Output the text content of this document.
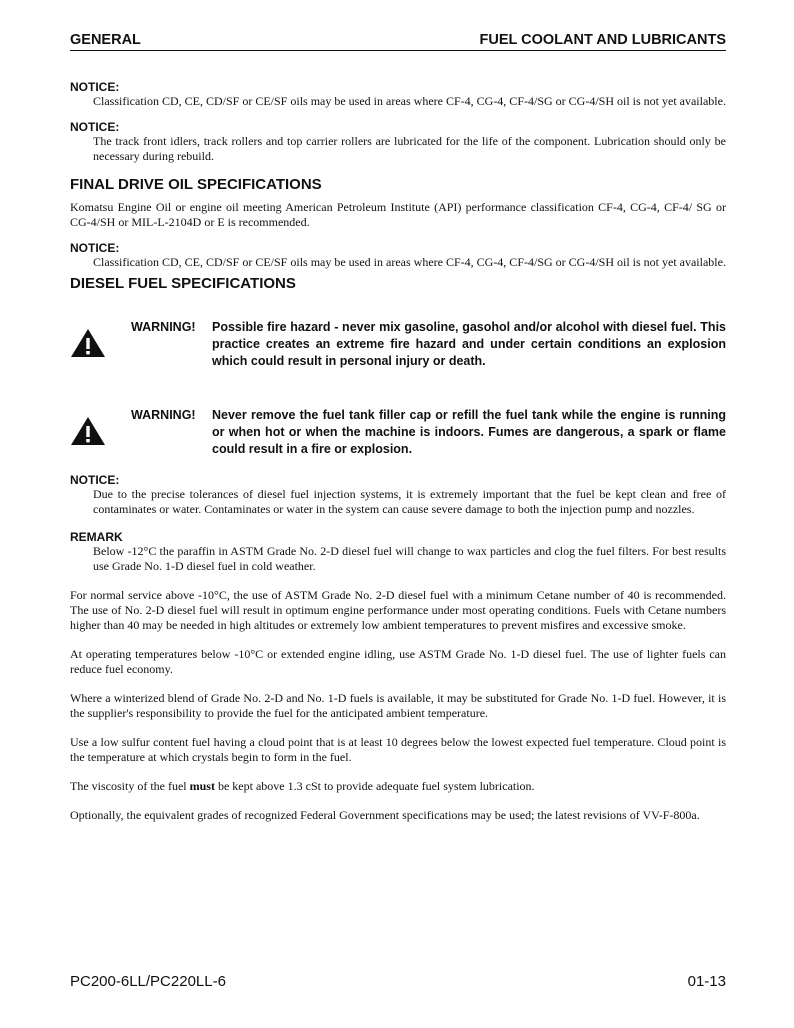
GENERAL	FUEL COOLANT AND LUBRICANTS

NOTICE:

Classification CD, CE, CD/SF or CE/SF oils may be used in areas where CF-4, CG-4, CF-4/SG or CG-4/SH oil is not yet available.

NOTICE:

The track front idlers, track rollers and top carrier rollers are lubricated for the life of the component. Lubrication should only be necessary during rebuild.

FINAL DRIVE OIL SPECIFICATIONS

Komatsu Engine Oil or engine oil meeting American Petroleum Institute (API) performance classification CF-4, CG-4, CF-4/ SG or CG-4/SH or MIL-L-2104D or E is recommended.

NOTICE:

Classification CD, CE, CD/SF or CE/SF oils may be used in areas where CF-4, CG-4, CF-4/SG or CG-4/SH oil is not yet available.

DIESEL FUEL SPECIFICATIONS
WARNING! Possible fire hazard - never mix gasoline, gasohol and/or alcohol with diesel fuel. This practice creates an extreme fire hazard and under certain conditions an explosion which could result in personal injury or death.
WARNING! Never remove the fuel tank filler cap or refill the fuel tank while the engine is running or when hot or when the machine is indoors. Fumes are dangerous, a spark or flame could result in a fire or explosion.

NOTICE:

Due to the precise tolerances of diesel fuel injection systems, it is extremely important that the fuel be kept clean and free of contaminates or water. Contaminates or water in the system can cause severe damage to both the injection pump and nozzles.

REMARK

Below -12°C the paraffin in ASTM Grade No. 2-D diesel fuel will change to wax particles and clog the fuel filters. For best results use Grade No. 1-D diesel fuel in cold weather.

For normal service above -10°C, the use of ASTM Grade No. 2-D diesel fuel with a minimum Cetane number of 40 is recommended. The use of No. 2-D diesel fuel will result in optimum engine performance under most operating conditions. Fuels with Cetane numbers higher than 40 may be needed in high altitudes or extremely low ambient temperatures to prevent misfires and excessive smoke.

At operating temperatures below -10°C or extended engine idling, use ASTM Grade No. 1-D diesel fuel. The use of lighter fuels can reduce fuel economy.

Where a winterized blend of Grade No. 2-D and No. 1-D fuels is available, it may be substituted for Grade No. 1-D fuel. However, it is the supplier's responsibility to provide the fuel for the anticipated ambient temperature.

Use a low sulfur content fuel having a cloud point that is at least 10 degrees below the lowest expected fuel temperature. Cloud point is the temperature at which crystals begin to form in the fuel.

The viscosity of the fuel must be kept above 1.3 cSt to provide adequate fuel system lubrication.

Optionally, the equivalent grades of recognized Federal Government specifications may be used; the latest revisions of VV-F-800a.

PC200-6LL/PC220LL-6	01-13
